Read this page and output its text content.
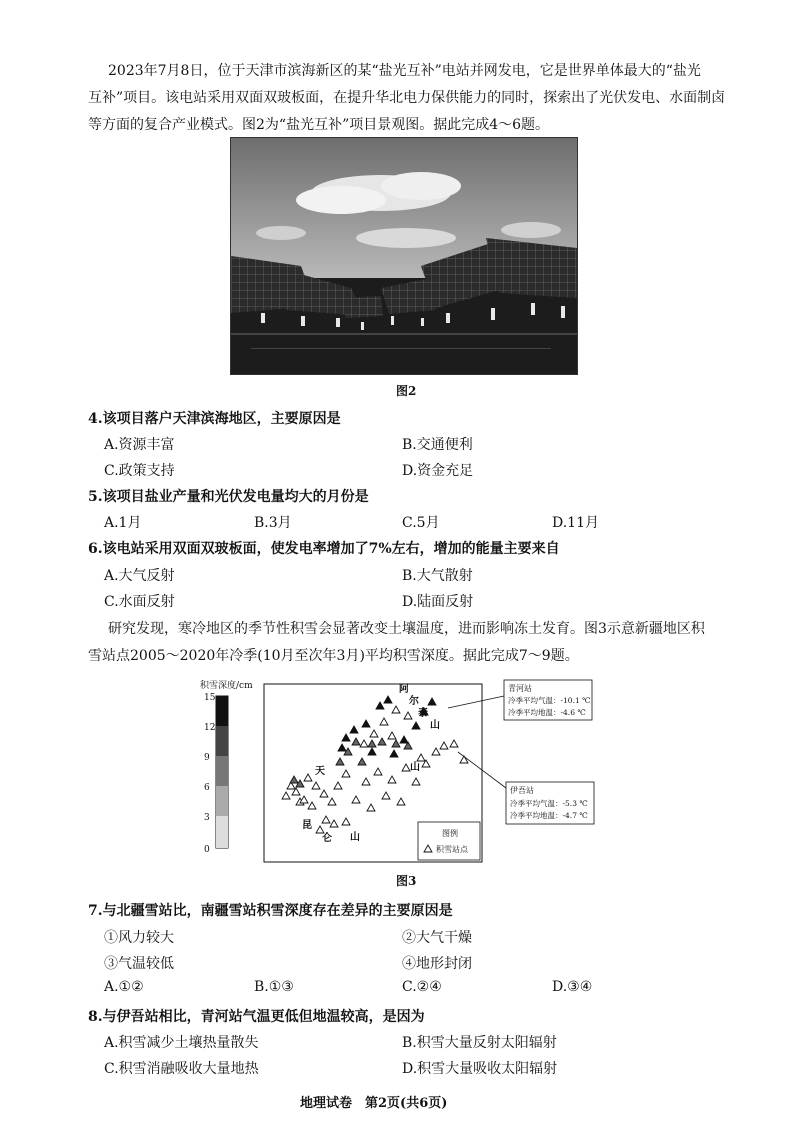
2023年7月8日，位于天津市滨海新区的某“盐光互补”电站并网发电，它是世界单体最大的“盐光
互补”项目。该电站采用双面双玻板面，在提升华北电力保供能力的同时，探索出了光伏发电、水面制卤
等方面的复合产业模式。图2为“盐光互补”项目景观图。据此完成4～6题。
图2
4.该项目落户天津滨海地区，主要原因是
A.资源丰富	B.交通便利
C.政策支持	D.资金充足
5.该项目盐业产量和光伏发电量均大的月份是
A.1月	B.3月	C.5月	D.11月
6.该电站采用双面双玻板面，使发电率增加了7%左右，增加的能量主要来自
A.大气反射	B.大气散射
C.水面反射	D.陆面反射
研究发现，寒冷地区的季节性积雪会显著改变土壤温度，进而影响冻土发育。图3示意新疆地区积
雪站点2005～2020年冷季(10月至次年3月)平均积雪深度。据此完成7～9题。
积雪深度/cm
15
12
9
6
3
0
阿
尔
泰
山
天	山
昆
仑 山	图例
积雪站点
青河站
冷季平均气温：-10.1 ℃
冷季平均地温：-4.6 ℃
伊吾站
冷季平均气温：-5.3 ℃
冷季平均地温：-4.7 ℃
图3
7.与北疆雪站比，南疆雪站积雪深度存在差异的主要原因是
①风力较大	②大气干燥
③气温较低	④地形封闭
A.①②	B.①③	C.②④	D.③④
8.与伊吾站相比，青河站气温更低但地温较高，是因为
A.积雪减少土壤热量散失	B.积雪大量反射太阳辐射
C.积雪消融吸收大量地热	D.积雪大量吸收太阳辐射
地理试卷　第2页(共6页)
